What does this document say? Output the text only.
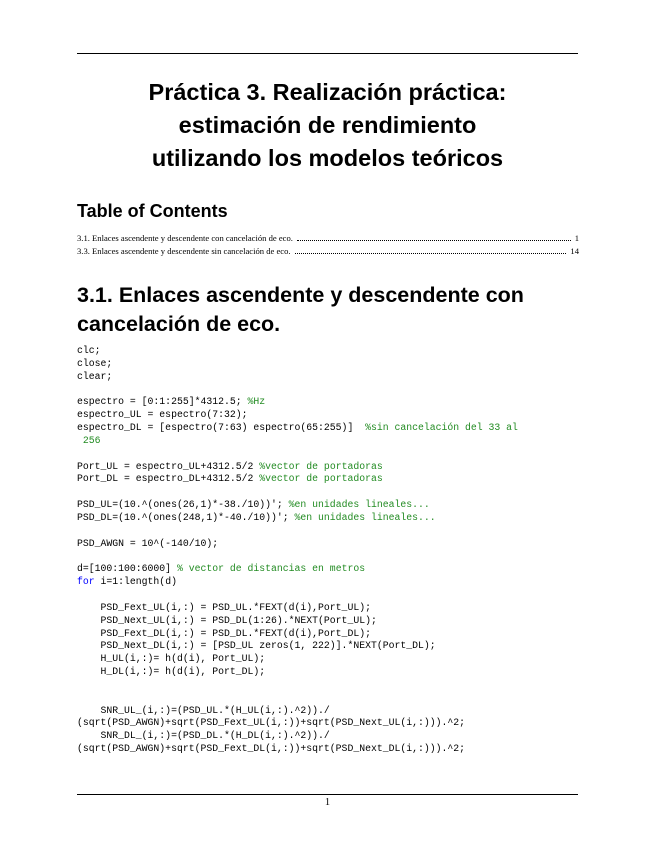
Práctica 3. Realización práctica:
estimación de rendimiento
utilizando los modelos teóricos
Table of Contents
3.1. Enlaces ascendente y descendente con cancelación de eco.	1
3.3. Enlaces ascendente y descendente sin cancelación de eco.	14
3.1. Enlaces ascendente y descendente con
cancelación de eco.
clc;
close;
clear;

espectro = [0:1:255]*4312.5; %Hz
espectro_UL = espectro(7:32);
espectro_DL = [espectro(7:63) espectro(65:255)]  %sin cancelación del 33 al
256

Port_UL = espectro_UL+4312.5/2 %vector de portadoras
Port_DL = espectro_DL+4312.5/2 %vector de portadoras

PSD_UL=(10.^(ones(26,1)*-38./10))'; %en unidades lineales...
PSD_DL=(10.^(ones(248,1)*-40./10))'; %en unidades lineales...

PSD_AWGN = 10^(-140/10);

d=[100:100:6000] % vector de distancias en metros
for i=1:length(d)

PSD_Fext_UL(i,:) = PSD_UL.*FEXT(d(i),Port_UL);
PSD_Next_UL(i,:) = PSD_DL(1:26).*NEXT(Port_UL);
PSD_Fext_DL(i,:) = PSD_DL.*FEXT(d(i),Port_DL);
PSD_Next_DL(i,:) = [PSD_UL zeros(1, 222)].*NEXT(Port_DL);
H_UL(i,:)= h(d(i), Port_UL);
H_DL(i,:)= h(d(i), Port_DL);

SNR_UL_(i,:)=(PSD_UL.*(H_UL(i,:).^2))./
(sqrt(PSD_AWGN)+sqrt(PSD_Fext_UL(i,:))+sqrt(PSD_Next_UL(i,:))).^2;
SNR_DL_(i,:)=(PSD_DL.*(H_DL(i,:).^2))./
(sqrt(PSD_AWGN)+sqrt(PSD_Fext_DL(i,:))+sqrt(PSD_Next_DL(i,:))).^2;
1
